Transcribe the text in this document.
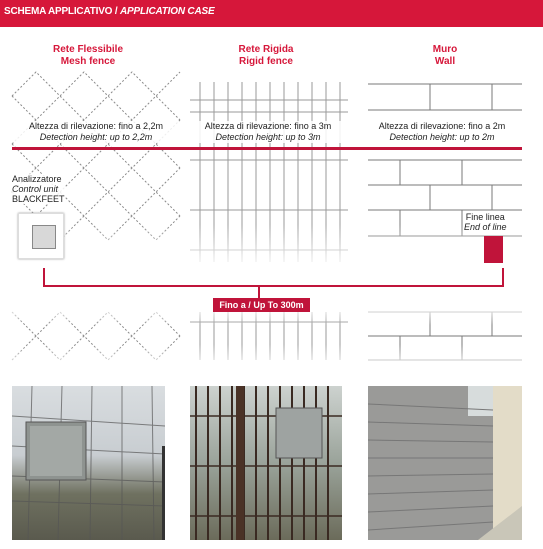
SCHEMA APPLICATIVO / APPLICATION CASE
Rete Flessibile
Mesh fence
Rete Rigida
Rigid fence
Muro
Wall
Altezza di rilevazione: fino a 2,2m
Detection height: up to 2,2m
Altezza di rilevazione: fino a 3m
Detection height: up to 3m
Altezza di rilevazione: fino a 2m
Detection height: up to 2m
Analizzatore
Control unit
BLACKFEET
Fine linea
End of line
Fino a / Up To 300m
